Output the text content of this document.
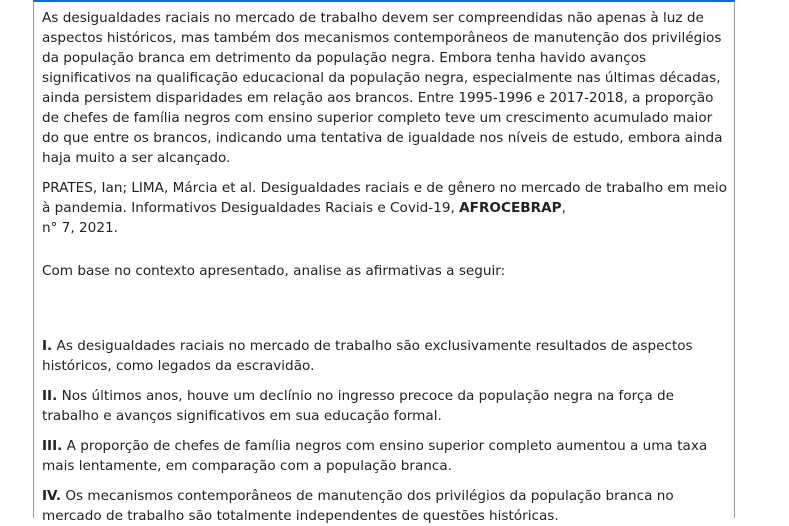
As desigualdades raciais no mercado de trabalho devem ser compreendidas não apenas à luz de aspectos históricos, mas também dos mecanismos contemporâneos de manutenção dos privilégios da população branca em detrimento da população negra. Embora tenha havido avanços significativos na qualificação educacional da população negra, especialmente nas últimas décadas, ainda persistem disparidades em relação aos brancos. Entre 1995-1996 e 2017-2018, a proporção de chefes de família negros com ensino superior completo teve um crescimento acumulado maior do que entre os brancos, indicando uma tentativa de igualdade nos níveis de estudo, embora ainda haja muito a ser alcançado.

PRATES, Ian; LIMA, Márcia et al. Desigualdades raciais e de gênero no mercado de trabalho em meio à pandemia. Informativos Desigualdades Raciais e Covid-19, AFROCEBRAP,
n° 7, 2021.

Com base no contexto apresentado, analise as afirmativas a seguir:

I. As desigualdades raciais no mercado de trabalho são exclusivamente resultados de aspectos históricos, como legados da escravidão.

II. Nos últimos anos, houve um declínio no ingresso precoce da população negra na força de trabalho e avanços significativos em sua educação formal.

III. A proporção de chefes de família negros com ensino superior completo aumentou a uma taxa mais lentamente, em comparação com a população branca.

IV. Os mecanismos contemporâneos de manutenção dos privilégios da população branca no mercado de trabalho são totalmente independentes de questões históricas.
